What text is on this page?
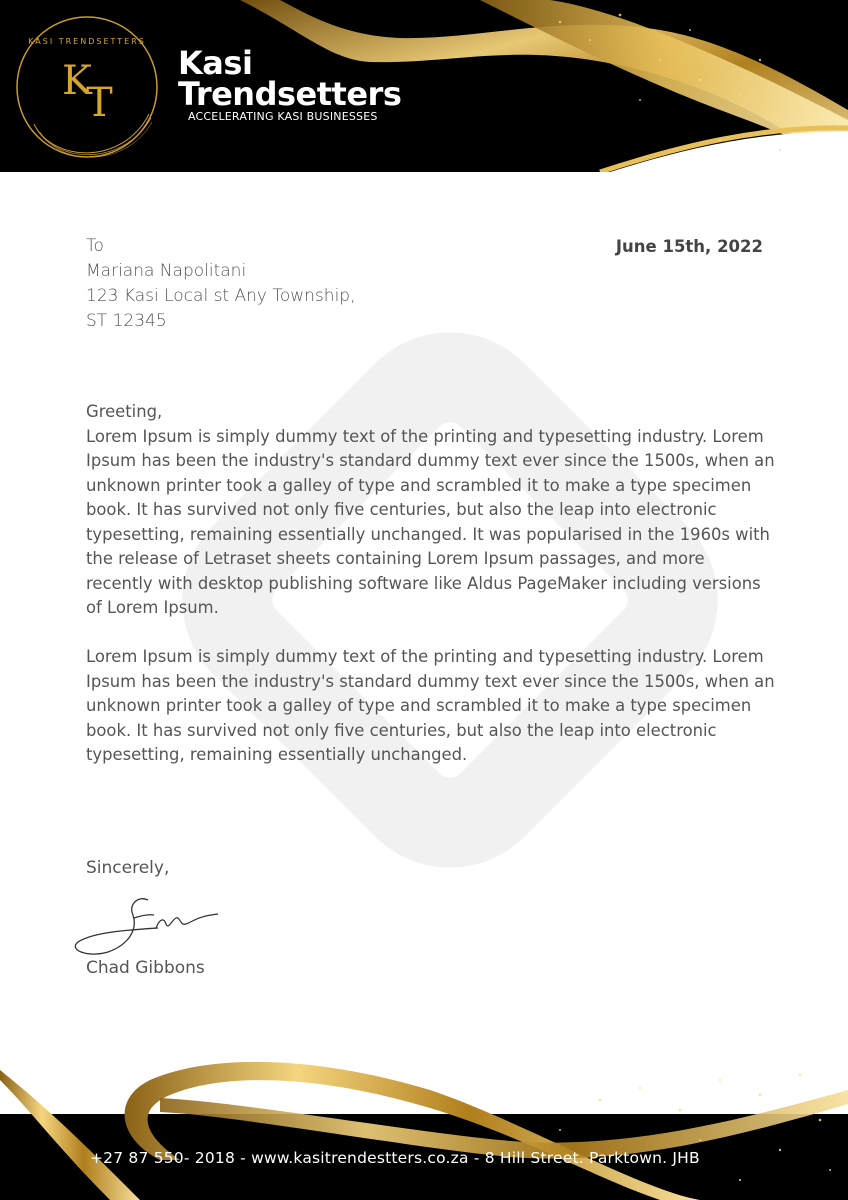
KASI TRENDSETTERS
K
T
Kasi
Trendsetters
ACCELERATING KASI BUSINESSES
To
Mariana Napolitani
123 Kasi Local st Any Township,
ST 12345
June 15th, 2022

Greeting,

Lorem Ipsum is simply dummy text of the printing and typesetting industry. Lorem Ipsum has been the industry's standard dummy text ever since the 1500s, when an unknown printer took a galley of type and scrambled it to make a type specimen book. It has survived not only five centuries, but also the leap into electronic typesetting, remaining essentially unchanged. It was popularised in the 1960s with the release of Letraset sheets containing Lorem Ipsum passages, and more recently with desktop publishing software like Aldus PageMaker including versions of Lorem Ipsum.

Lorem Ipsum is simply dummy text of the printing and typesetting industry. Lorem Ipsum has been the industry's standard dummy text ever since the 1500s, when an unknown printer took a galley of type and scrambled it to make a type specimen book. It has survived not only five centuries, but also the leap into electronic typesetting, remaining essentially unchanged.

Sincerely,
Chad Gibbons
+27 87 550- 2018 - www.kasitrendestters.co.za - 8 Hill Street. Parktown. JHB
